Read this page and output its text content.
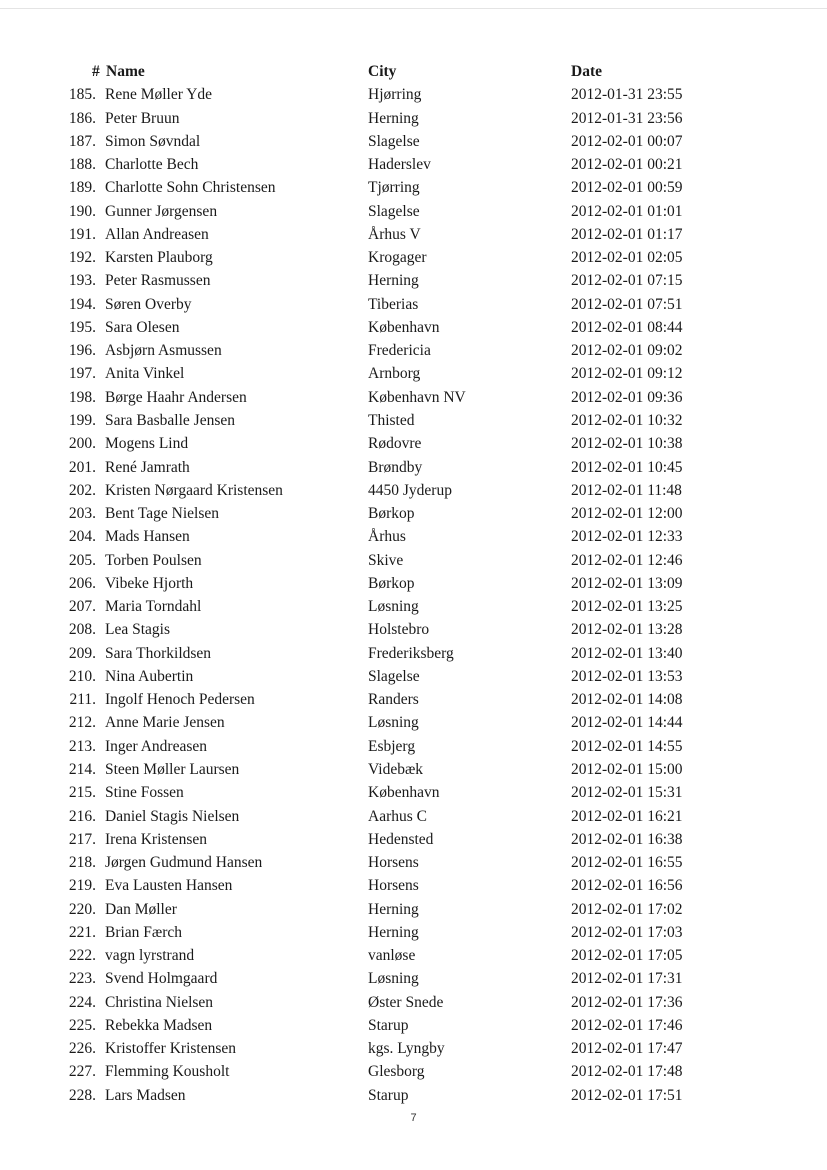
# Name	City	Date
185. Rene Møller Yde	Hjørring	2012-01-31 23:55
186. Peter Bruun	Herning	2012-01-31 23:56
187. Simon Søvndal	Slagelse	2012-02-01 00:07
188. Charlotte Bech	Haderslev	2012-02-01 00:21
189. Charlotte Sohn Christensen	Tjørring	2012-02-01 00:59
190. Gunner Jørgensen	Slagelse	2012-02-01 01:01
191. Allan Andreasen	Århus V	2012-02-01 01:17
192. Karsten Plauborg	Krogager	2012-02-01 02:05
193. Peter Rasmussen	Herning	2012-02-01 07:15
194. Søren Overby	Tiberias	2012-02-01 07:51
195. Sara Olesen	København	2012-02-01 08:44
196. Asbjørn Asmussen	Fredericia	2012-02-01 09:02
197. Anita Vinkel	Arnborg	2012-02-01 09:12
198. Børge Haahr Andersen	København NV	2012-02-01 09:36
199. Sara Basballe Jensen	Thisted	2012-02-01 10:32
200. Mogens Lind	Rødovre	2012-02-01 10:38
201. René Jamrath	Brøndby	2012-02-01 10:45
202. Kristen Nørgaard Kristensen	4450 Jyderup	2012-02-01 11:48
203. Bent Tage Nielsen	Børkop	2012-02-01 12:00
204. Mads Hansen	Århus	2012-02-01 12:33
205. Torben Poulsen	Skive	2012-02-01 12:46
206. Vibeke Hjorth	Børkop	2012-02-01 13:09
207. Maria Torndahl	Løsning	2012-02-01 13:25
208. Lea Stagis	Holstebro	2012-02-01 13:28
209. Sara Thorkildsen	Frederiksberg	2012-02-01 13:40
210. Nina Aubertin	Slagelse	2012-02-01 13:53
211. Ingolf Henoch Pedersen	Randers	2012-02-01 14:08
212. Anne Marie Jensen	Løsning	2012-02-01 14:44
213. Inger Andreasen	Esbjerg	2012-02-01 14:55
214. Steen Møller Laursen	Videbæk	2012-02-01 15:00
215. Stine Fossen	København	2012-02-01 15:31
216. Daniel Stagis Nielsen	Aarhus C	2012-02-01 16:21
217. Irena Kristensen	Hedensted	2012-02-01 16:38
218. Jørgen Gudmund Hansen	Horsens	2012-02-01 16:55
219. Eva Lausten Hansen	Horsens	2012-02-01 16:56
220. Dan Møller	Herning	2012-02-01 17:02
221. Brian Færch	Herning	2012-02-01 17:03
222. vagn lyrstrand	vanløse	2012-02-01 17:05
223. Svend Holmgaard	Løsning	2012-02-01 17:31
224. Christina Nielsen	Øster Snede	2012-02-01 17:36
225. Rebekka Madsen	Starup	2012-02-01 17:46
226. Kristoffer Kristensen	kgs. Lyngby	2012-02-01 17:47
227. Flemming Kousholt	Glesborg	2012-02-01 17:48
228. Lars Madsen	Starup	2012-02-01 17:51
7
